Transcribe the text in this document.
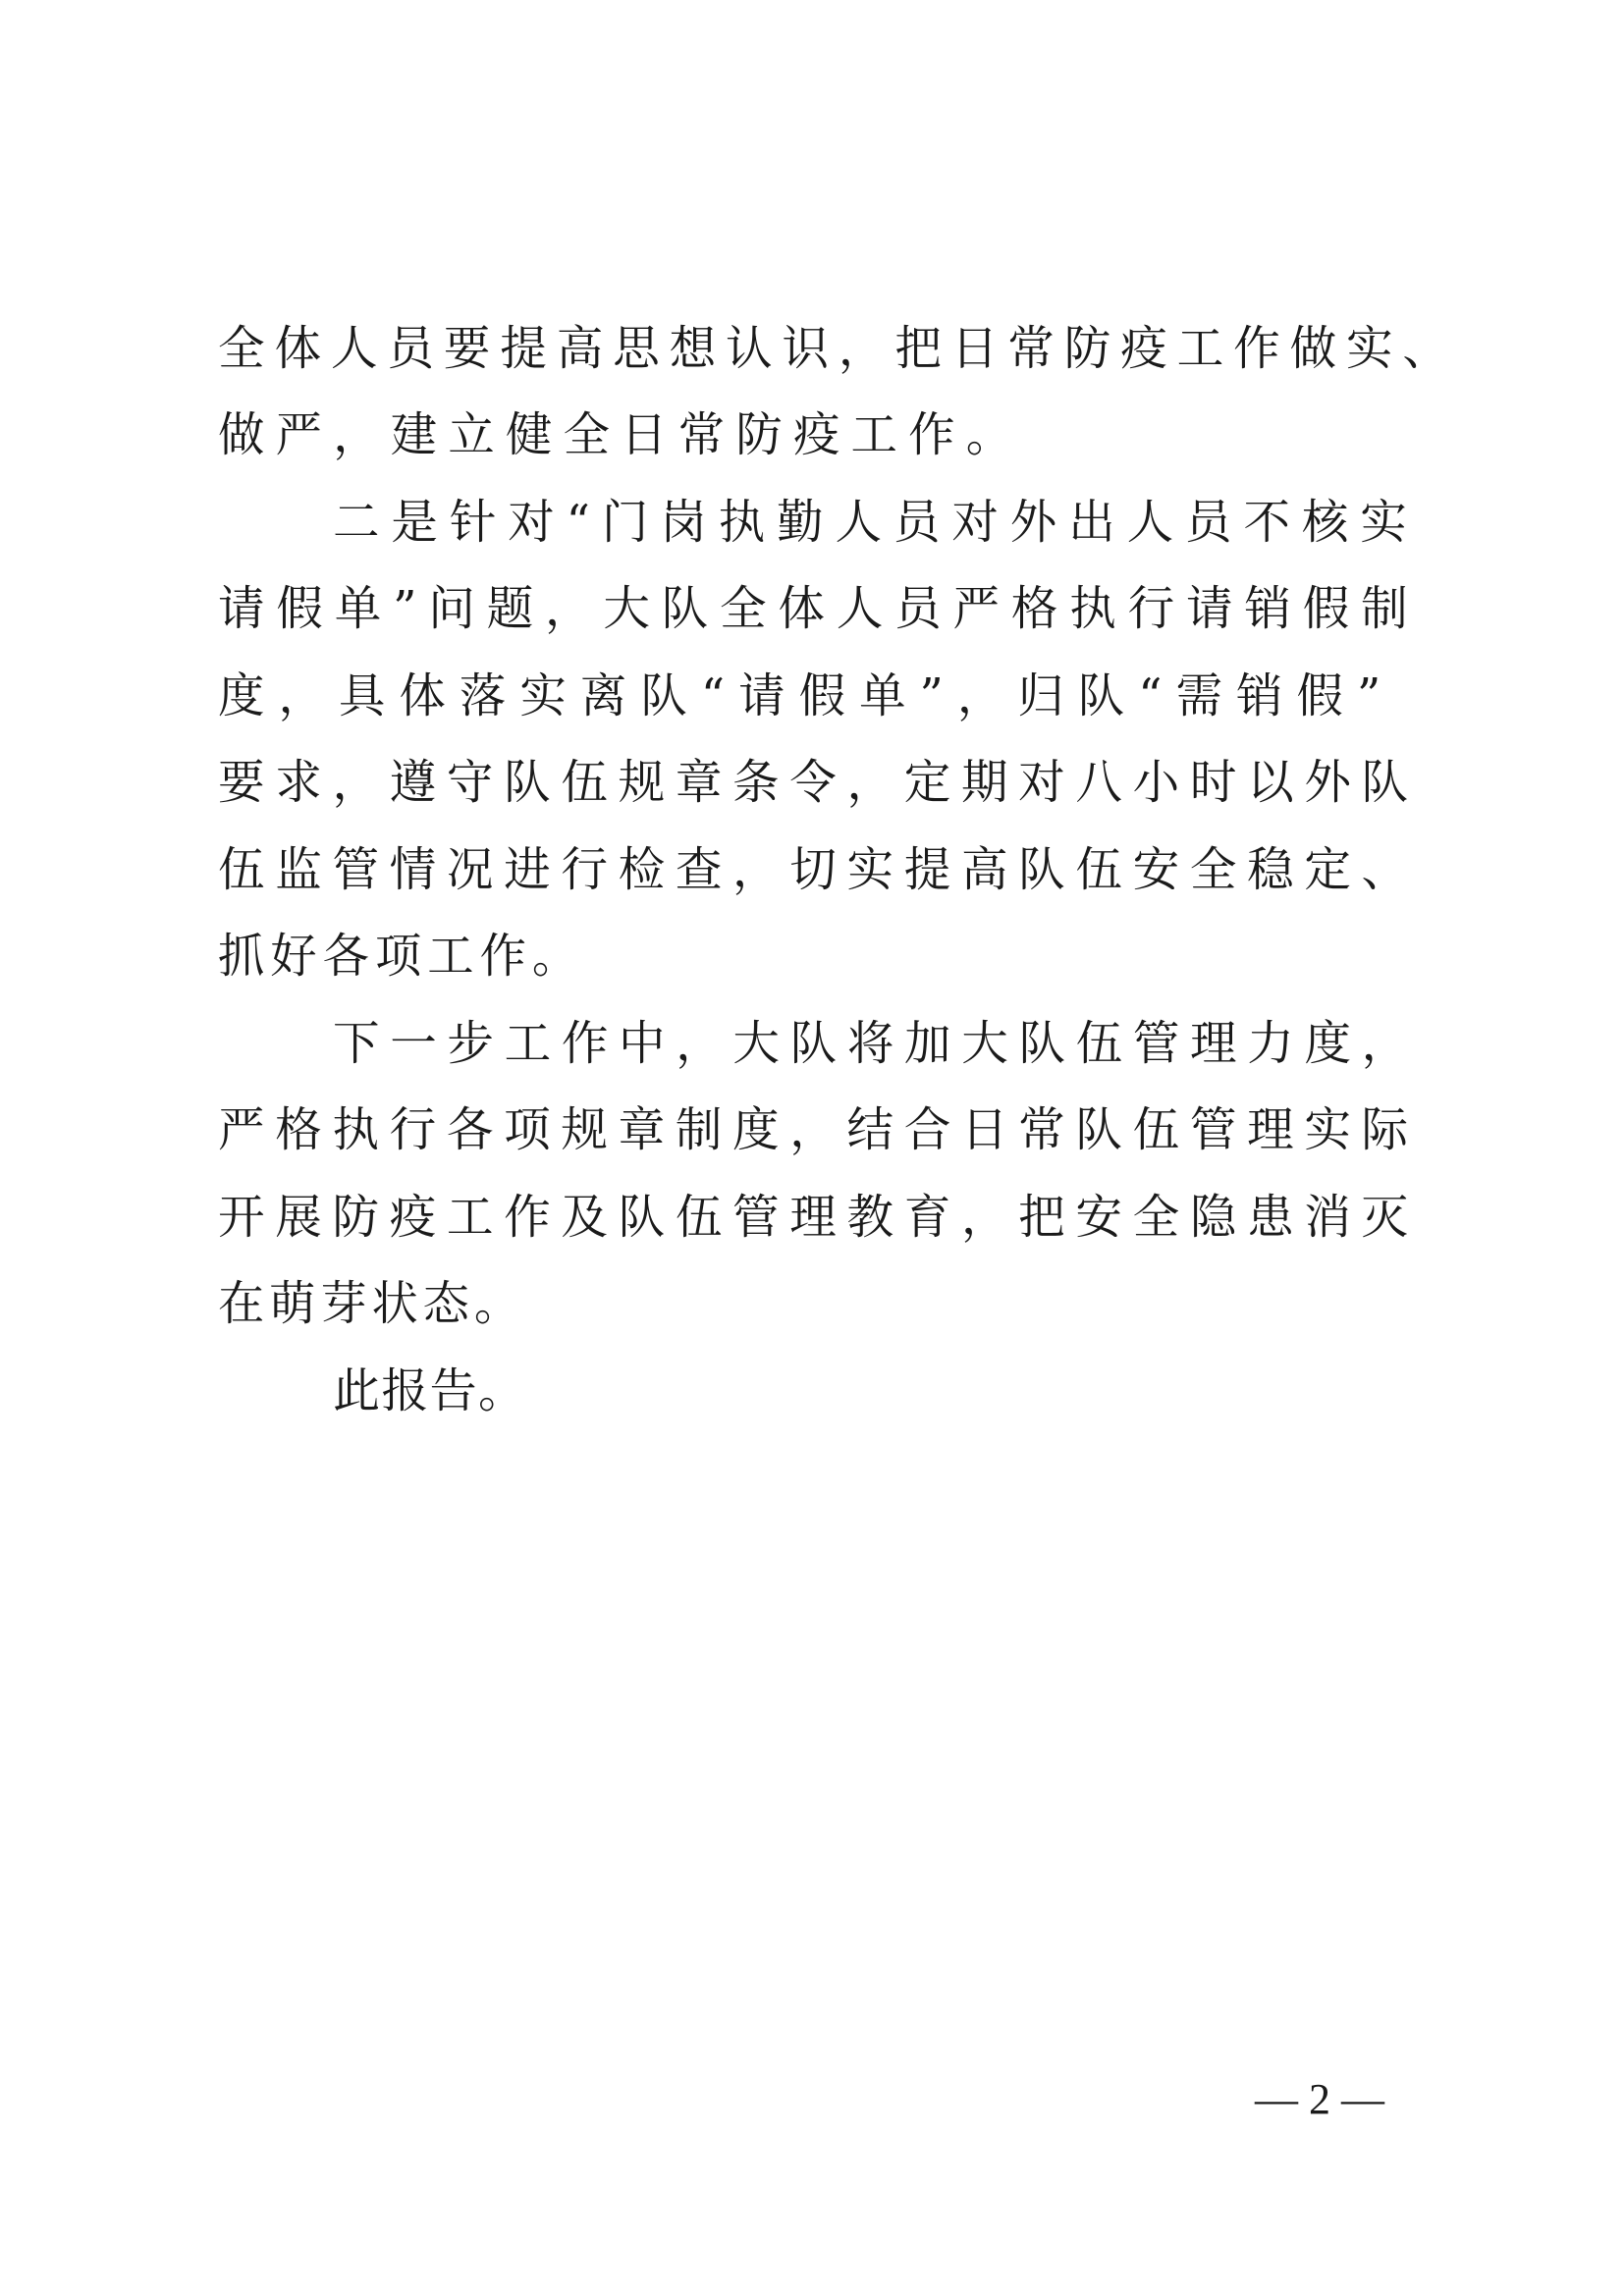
全体人员要提高思想认识，把日常防疫工作做实、

做严，建立健全日常防疫工作。

二是针对“门岗执勤人员对外出人员不核实

请假单”问题，大队全体人员严格执行请销假制

度，具体落实离队“请假单”，归队“需销假”

要求，遵守队伍规章条令，定期对八小时以外队

伍监管情况进行检查，切实提高队伍安全稳定、

抓好各项工作。

下一步工作中，大队将加大队伍管理力度，

严格执行各项规章制度，结合日常队伍管理实际

开展防疫工作及队伍管理教育，把安全隐患消灭

在萌芽状态。

此报告。

— 2 —
